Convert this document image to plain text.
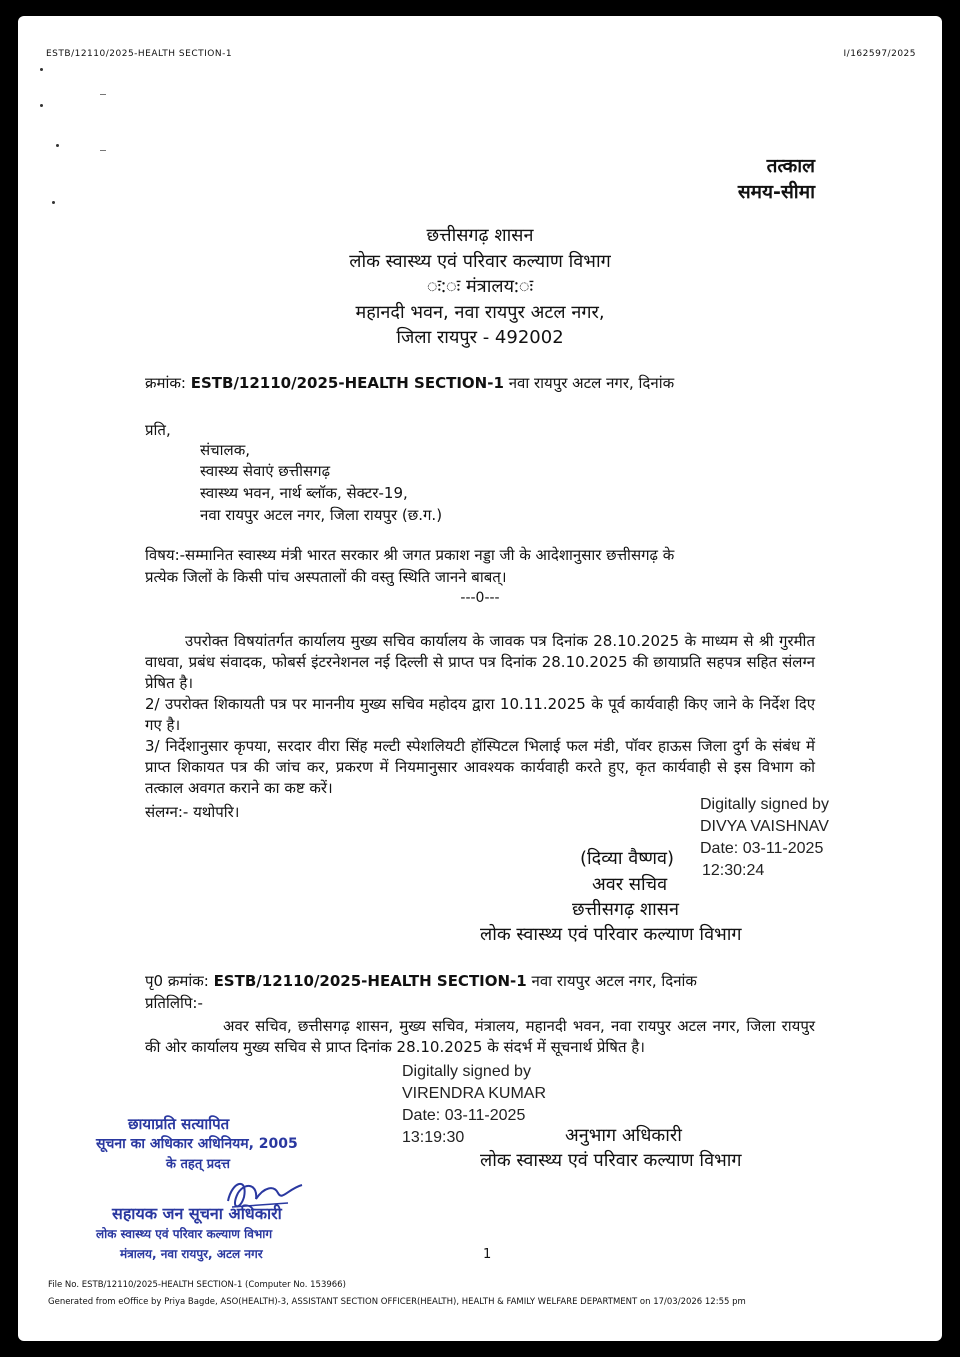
ESTB/12110/2025-HEALTH SECTION-1	I/162597/2025
तत्काल
समय-सीमा
छत्तीसगढ़ शासन
लोक स्वास्थ्य एवं परिवार कल्याण विभाग
ः:ः मंत्रालय:ः
महानदी भवन, नवा रायपुर अटल नगर,
जिला रायपुर - 492002
क्रमांक: ESTB/12110/2025-HEALTH SECTION-1 नवा रायपुर अटल नगर, दिनांक
प्रति,
संचालक,
स्वास्थ्य सेवाएं छत्तीसगढ़
स्वास्थ्य भवन, नार्थ ब्लॉक, सेक्टर-19,
नवा रायपुर अटल नगर, जिला रायपुर (छ.ग.)
विषय:-सम्मानित स्वास्थ्य मंत्री भारत सरकार श्री जगत प्रकाश नड्डा जी के आदेशानुसार छत्तीसगढ़ के
प्रत्येक जिलों के किसी पांच अस्पतालों की वस्तु स्थिति जानने बाबत्।
---0---
उपरोक्त विषयांतर्गत कार्यालय मुख्य सचिव कार्यालय के जावक पत्र दिनांक 28.10.2025 के माध्यम से श्री गुरमीत वाधवा, प्रबंध संवादक, फोबर्स इंटरनेशनल नई दिल्ली से प्राप्त पत्र दिनांक 28.10.2025 की छायाप्रति सहपत्र सहित संलग्न प्रेषित है।
2/ उपरोक्त शिकायती पत्र पर माननीय मुख्य सचिव महोदय द्वारा 10.11.2025 के पूर्व कार्यवाही किए जाने के निर्देश दिए गए है।
3/ निर्देशानुसार कृपया, सरदार वीरा सिंह मल्टी स्पेशलियटी हॉस्पिटल भिलाई फल मंडी, पॉवर हाऊस जिला दुर्ग के संबंध में प्राप्त शिकायत पत्र की जांच कर, प्रकरण में नियमानुसार आवश्यक कार्यवाही करते हुए, कृत कार्यवाही से इस विभाग को तत्काल अवगत कराने का कष्ट करें।
संलग्न:- यथोपरि।	Digitally signed by
DIVYA VAISHNAV
Date: 03-11-2025
12:30:24
(दिव्या वैष्णव)
अवर सचिव
छत्तीसगढ़ शासन
लोक स्वास्थ्य एवं परिवार कल्याण विभाग
पृ0 क्रमांक: ESTB/12110/2025-HEALTH SECTION-1 नवा रायपुर अटल नगर, दिनांक
प्रतिलिपि:-
अवर सचिव, छत्तीसगढ़ शासन, मुख्य सचिव, मंत्रालय, महानदी भवन, नवा रायपुर अटल नगर, जिला रायपुर की ओर कार्यालय मुख्य सचिव से प्राप्त दिनांक 28.10.2025 के संदर्भ में सूचनार्थ प्रेषित है।
Digitally signed by
VIRENDRA KUMAR
Date: 03-11-2025
13:19:30	अनुभाग अधिकारी
लोक स्वास्थ्य एवं परिवार कल्याण विभाग
छायाप्रति सत्यापित
सूचना का अधिकार अधिनियम, 2005
के तहत् प्रदत्त
सहायक जन सूचना अधिकारी
लोक स्वास्थ्य एवं परिवार कल्याण विभाग
मंत्रालय, नवा रायपुर, अटल नगर	1
File No. ESTB/12110/2025-HEALTH SECTION-1 (Computer No. 153966)
Generated from eOffice by Priya Bagde, ASO(HEALTH)-3, ASSISTANT SECTION OFFICER(HEALTH), HEALTH & FAMILY WELFARE DEPARTMENT on 17/03/2026 12:55 pm
